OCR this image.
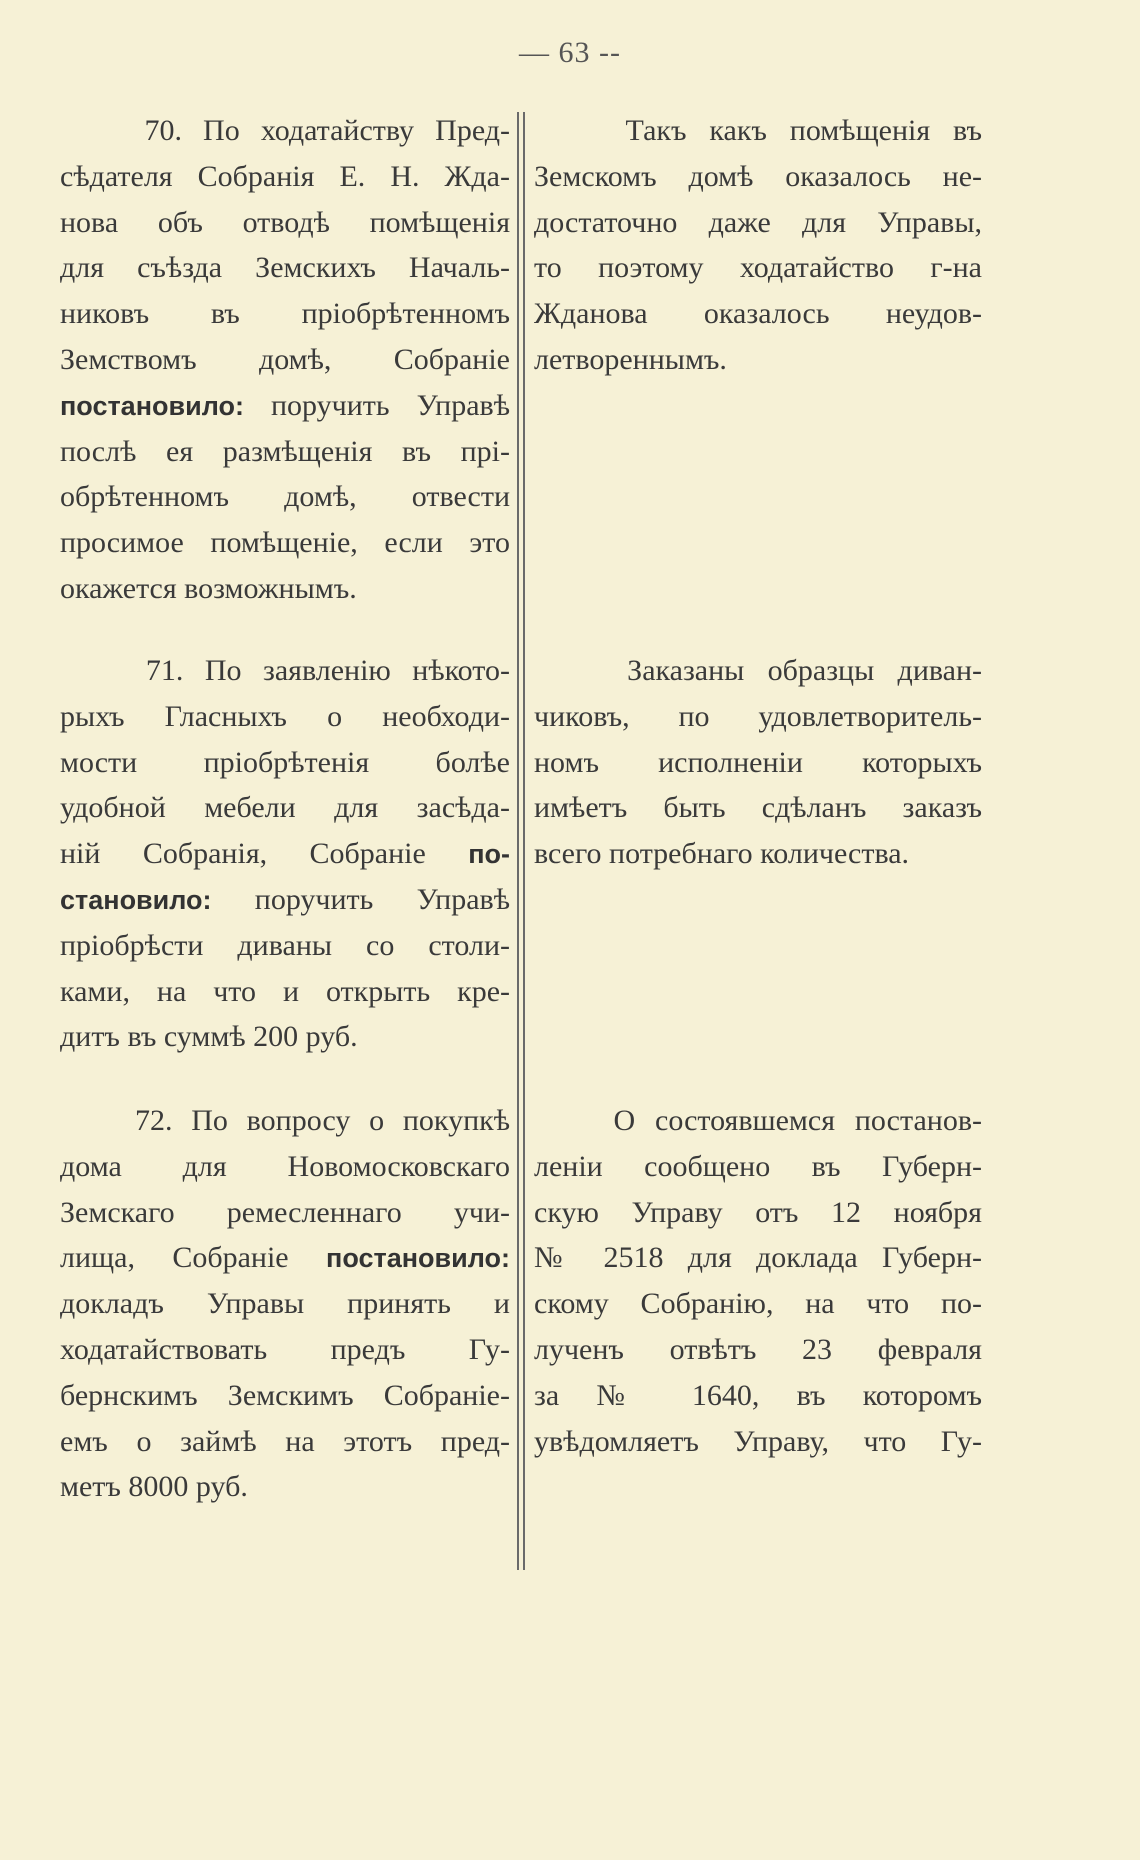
— 63 --
70. По ходатайству Пред-
сѣдателя Собранія Е. Н. Жда-
нова объ отводѣ помѣщенія
для съѣзда Земскихъ Началь-
никовъ въ пріобрѣтенномъ
Земствомъ домѣ, Собраніе
постановило: поручить Управѣ
послѣ ея размѣщенія въ прі-
обрѣтенномъ домѣ, отвести
просимое помѣщеніе, если это
окажется возможнымъ.
71. По заявленію нѣкото-
рыхъ Гласныхъ о необходи-
мости пріобрѣтенія болѣе
удобной мебели для засѣда-
ній Собранія, Собраніе по-
становило: поручить Управѣ
пріобрѣсти диваны со столи-
ками, на что и открыть кре-
дитъ въ суммѣ 200 руб.
72. По вопросу о покупкѣ
дома для Новомосковскаго
Земскаго ремесленнаго учи-
лища, Собраніе постановило:
докладъ Управы принять и
ходатайствовать предъ Гу-
бернскимъ Земскимъ Собраніе-
емъ о займѣ на этотъ пред-
метъ 8000 руб.
Такъ какъ помѣщенія въ
Земскомъ домѣ оказалось не-
достаточно даже для Управы,
то поэтому ходатайство г-на
Жданова оказалось неудов-
летвореннымъ.
Заказаны образцы диван-
чиковъ, по удовлетворитель-
номъ исполненіи которыхъ
имѣетъ быть сдѣланъ заказъ
всего потребнаго количества.
О состоявшемся постанов-
леніи сообщено въ Губерн-
скую Управу отъ 12 ноября
№ 2518 для доклада Губерн-
скому Собранію, на что по-
лученъ отвѣтъ 23 февраля
за № 1640, въ которомъ
увѣдомляетъ Управу, что Гу-
